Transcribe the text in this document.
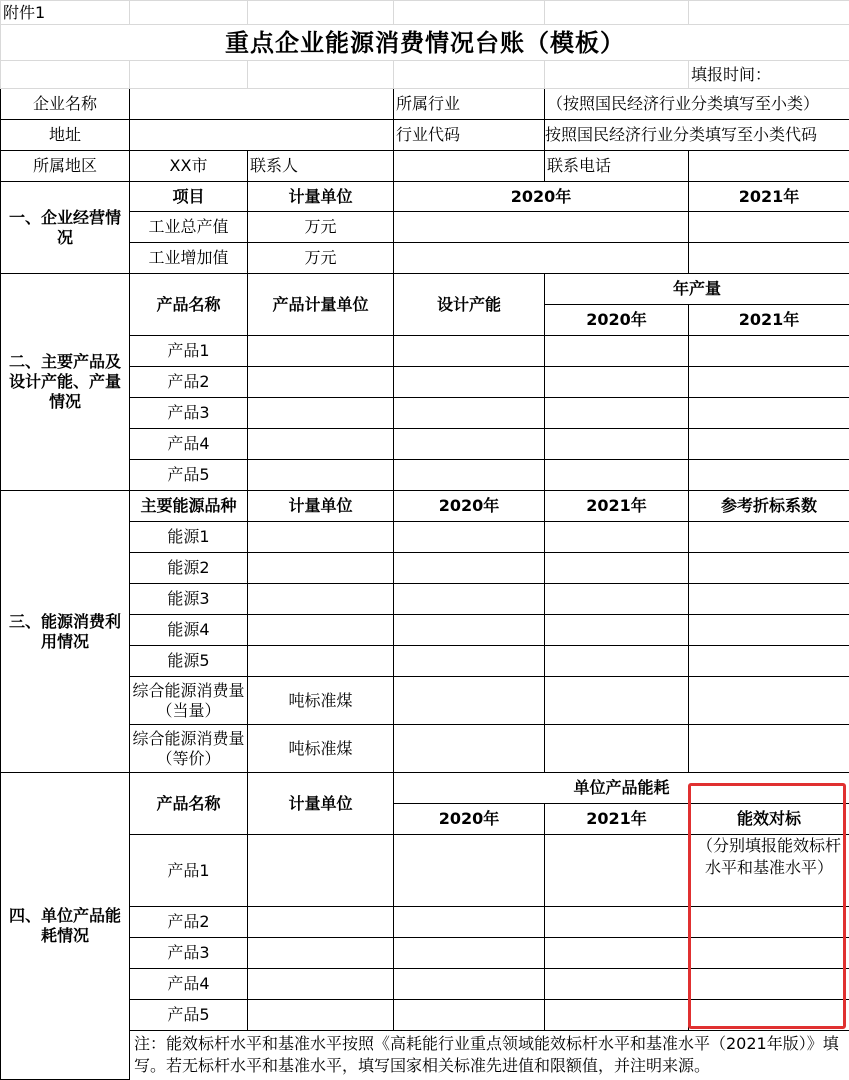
附件1					
重点企业能源消费情况台账（模板）					
					填报时间：
企业名称			所属行业	（按照国民经济行业分类填写至小类）	
地址			行业代码	按照国民经济行业分类填写至小类代码	
所属地区	XX市	联系人		联系电话	
一、企业经营情况	项目	计量单位	2020年		2021年
	工业总产值	万元			
	工业增加值	万元			
二、主要产品及设计产能、产量情况	产品名称	产品计量单位	设计产能	年产量	
				2020年	2021年
	产品1				
	产品2				
	产品3				
	产品4				
	产品5				
三、能源消费利用情况	主要能源品种	计量单位	2020年	2021年	参考折标系数
	能源1				
	能源2				
	能源3				
	能源4				
	能源5				
	综合能源消费量（当量）	吨标准煤			
	综合能源消费量（等价）	吨标准煤			
四、单位产品能耗情况	产品名称	计量单位	单位产品能耗		
			2020年	2021年	能效对标
	产品1				（分别填报能效标杆水平和基准水平）
	产品2				
	产品3				
	产品4				
	产品5				
	注：能效标杆水平和基准水平按照《高耗能行业重点领域能效标杆水平和基准水平（2021年版）》填写。若无标杆水平和基准水平，填写国家相关标准先进值和限额值，并注明来源。				
